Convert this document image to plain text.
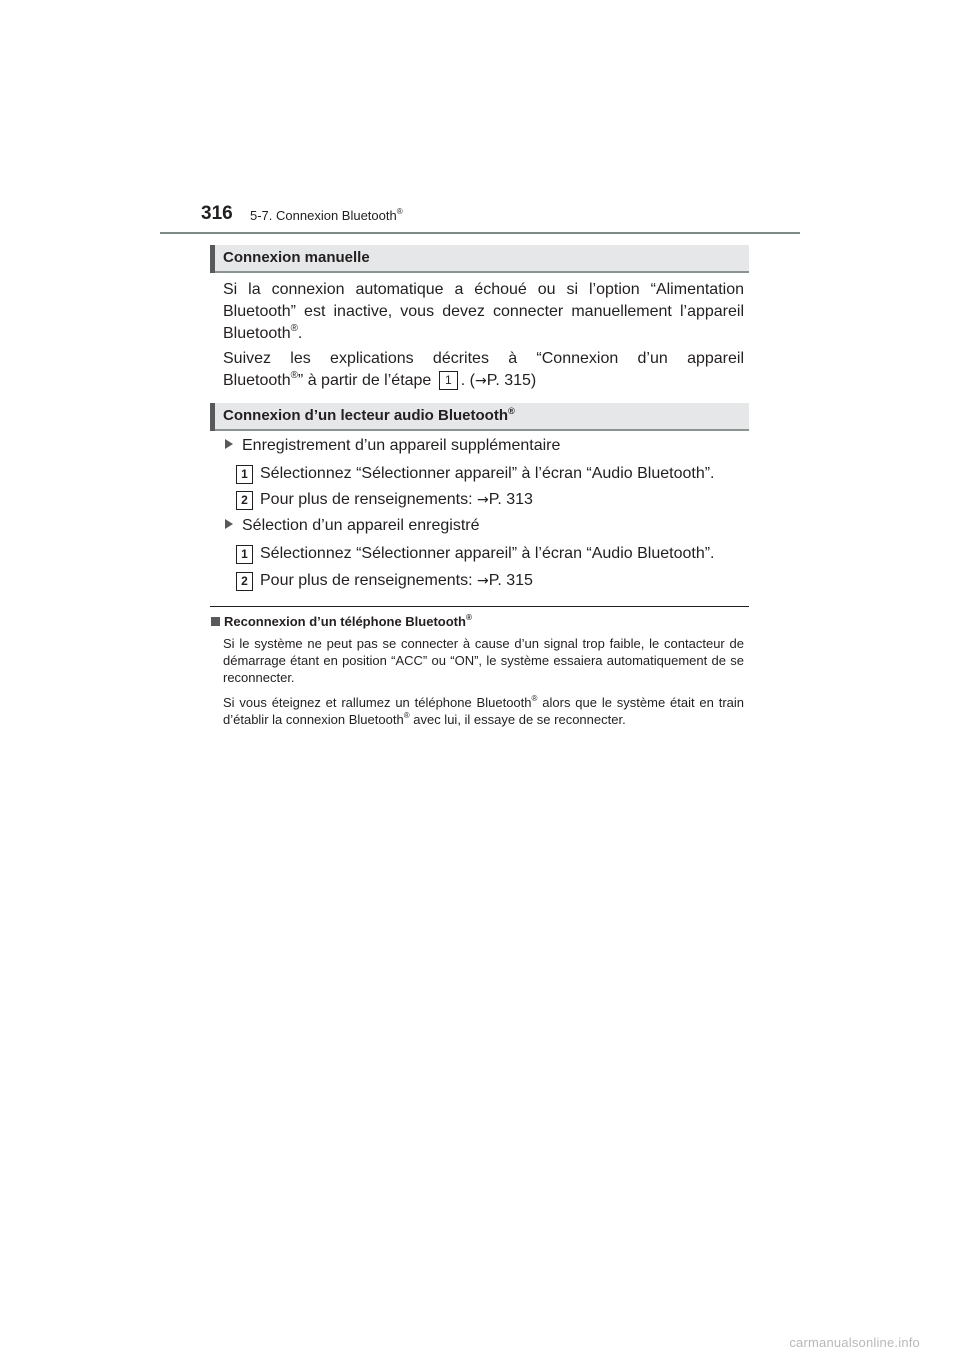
316 5-7. Connexion Bluetooth®
Connexion manuelle
Si la connexion automatique a échoué ou si l’option “Alimentation
Bluetooth” est inactive, vous devez connecter manuellement l’appareil
Bluetooth®.
Suivez les explications décrites à “Connexion d’un appareil
Bluetooth®” à partir de l’étape 1 . (→P. 315)
Connexion d’un lecteur audio Bluetooth®
Enregistrement d’un appareil supplémentaire
1 Sélectionnez “Sélectionner appareil” à l’écran “Audio Bluetooth”.
2 Pour plus de renseignements: →P. 313
Sélection d’un appareil enregistré
1 Sélectionnez “Sélectionner appareil” à l’écran “Audio Bluetooth”.
2 Pour plus de renseignements: →P. 315
Reconnexion d’un téléphone Bluetooth®
Si le système ne peut pas se connecter à cause d’un signal trop faible, le contacteur de démarrage étant en position “ACC” ou “ON”, le système essaiera automatiquement de se reconnecter.
Si vous éteignez et rallumez un téléphone Bluetooth® alors que le système était en train d’établir la connexion Bluetooth® avec lui, il essaye de se reconnecter.
carmanualsonline.info
